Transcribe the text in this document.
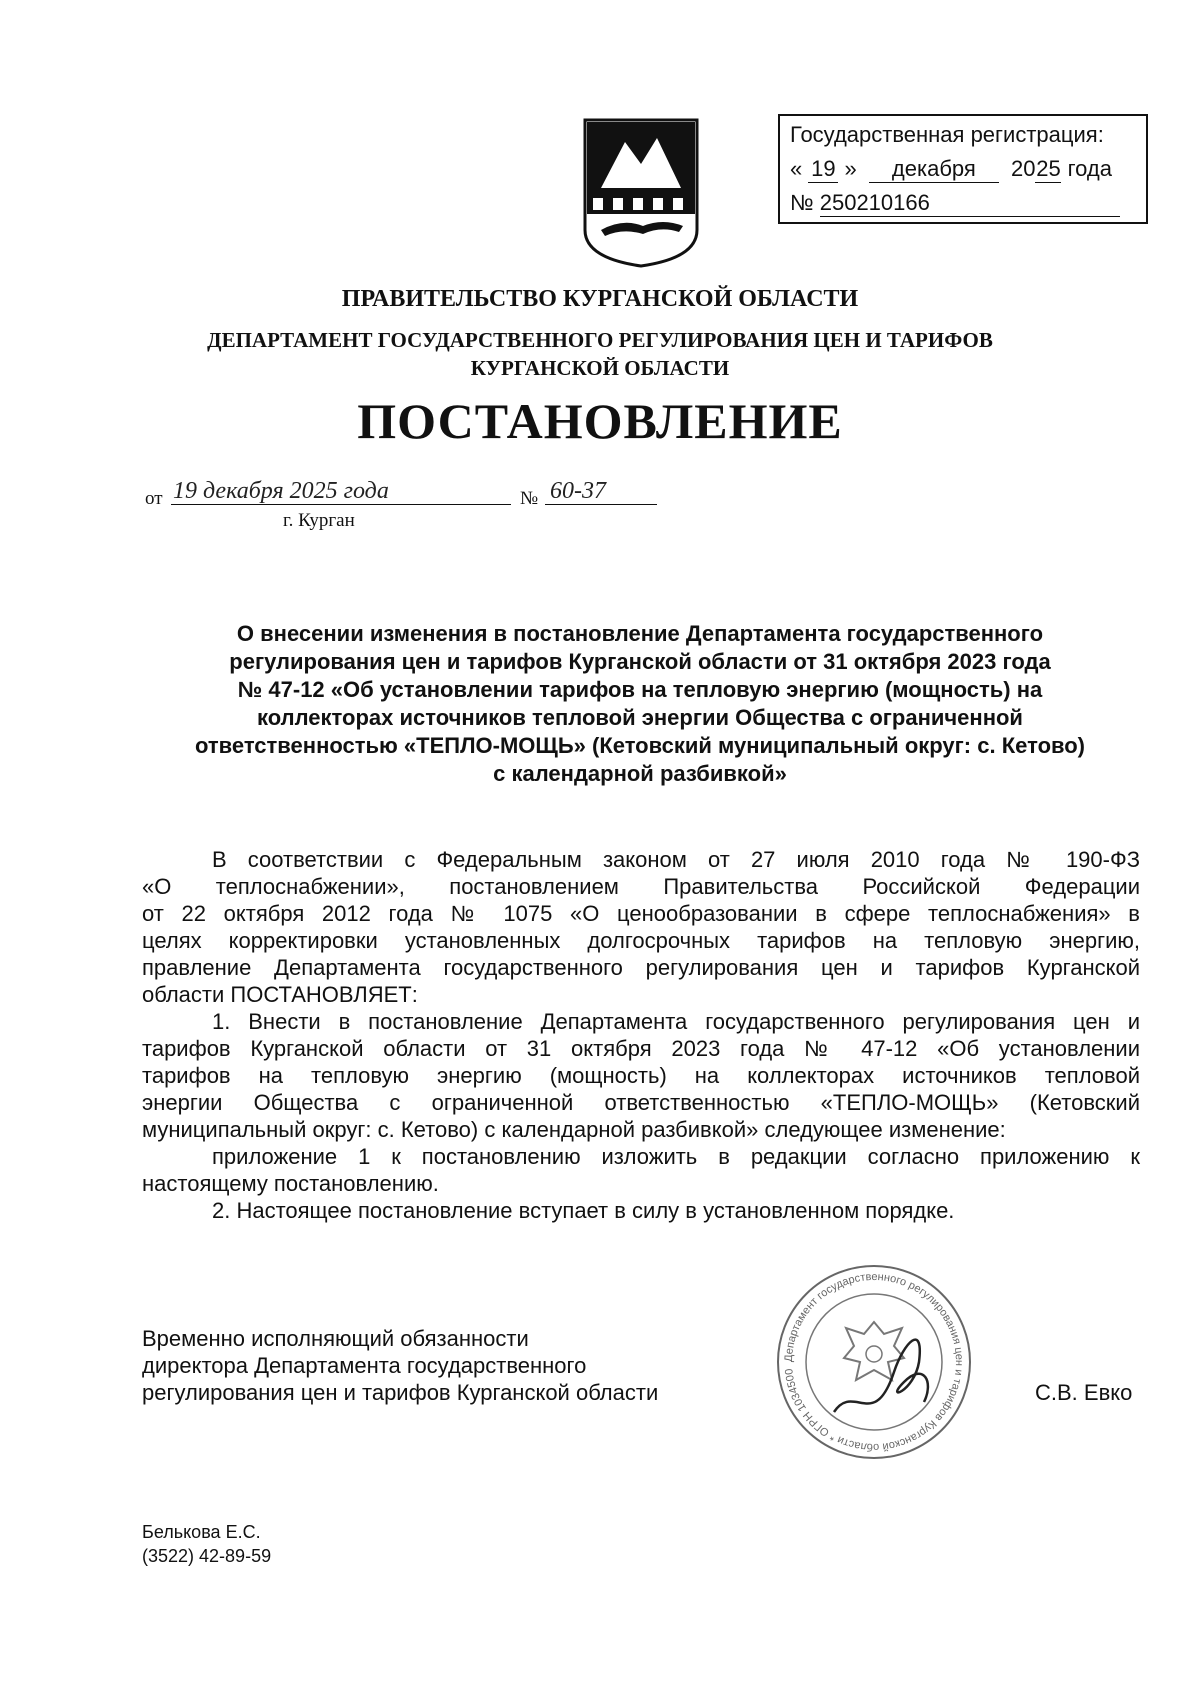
Государственная регистрация:
« 19 » декабря 2025 года
№ 250210166
ПРАВИТЕЛЬСТВО КУРГАНСКОЙ ОБЛАСТИ
ДЕПАРТАМЕНТ ГОСУДАРСТВЕННОГО РЕГУЛИРОВАНИЯ ЦЕН И ТАРИФОВ
КУРГАНСКОЙ ОБЛАСТИ
ПОСТАНОВЛЕНИЕ
от 19 декабря 2025 года	№ 60-37
г. Курган
О внесении изменения в постановление Департамента государственного
регулирования цен и тарифов Курганской области от 31 октября 2023 года
№ 47-12 «Об установлении тарифов на тепловую энергию (мощность) на
коллекторах источников тепловой энергии Общества с ограниченной
ответственностью «ТЕПЛО-МОЩЬ» (Кетовский муниципальный округ: с. Кетово)
с календарной разбивкой»
В соответствии с Федеральным законом от 27 июля 2010 года № 190-ФЗ
«О теплоснабжении», постановлением Правительства Российской Федерации
от 22 октября 2012 года № 1075 «О ценообразовании в сфере теплоснабжения» в
целях корректировки установленных долгосрочных тарифов на тепловую энергию,
правление Департамента государственного регулирования цен и тарифов Курганской
области ПОСТАНОВЛЯЕТ:
1. Внести в постановление Департамента государственного регулирования цен и
тарифов Курганской области от 31 октября 2023 года № 47-12 «Об установлении
тарифов на тепловую энергию (мощность) на коллекторах источников тепловой
энергии Общества с ограниченной ответственностью «ТЕПЛО-МОЩЬ» (Кетовский
муниципальный округ: с. Кетово) с календарной разбивкой» следующее изменение:
приложение 1 к постановлению изложить в редакции согласно приложению к
настоящему постановлению.
2. Настоящее постановление вступает в силу в установленном порядке.
Временно исполняющий обязанности
директора Департамента государственного
регулирования цен и тарифов Курганской области
Департамент государственного регулирования цен и тарифов Курганской области * ОГРН 1034500
С.В. Евко
Белькова Е.С.
(3522) 42-89-59
